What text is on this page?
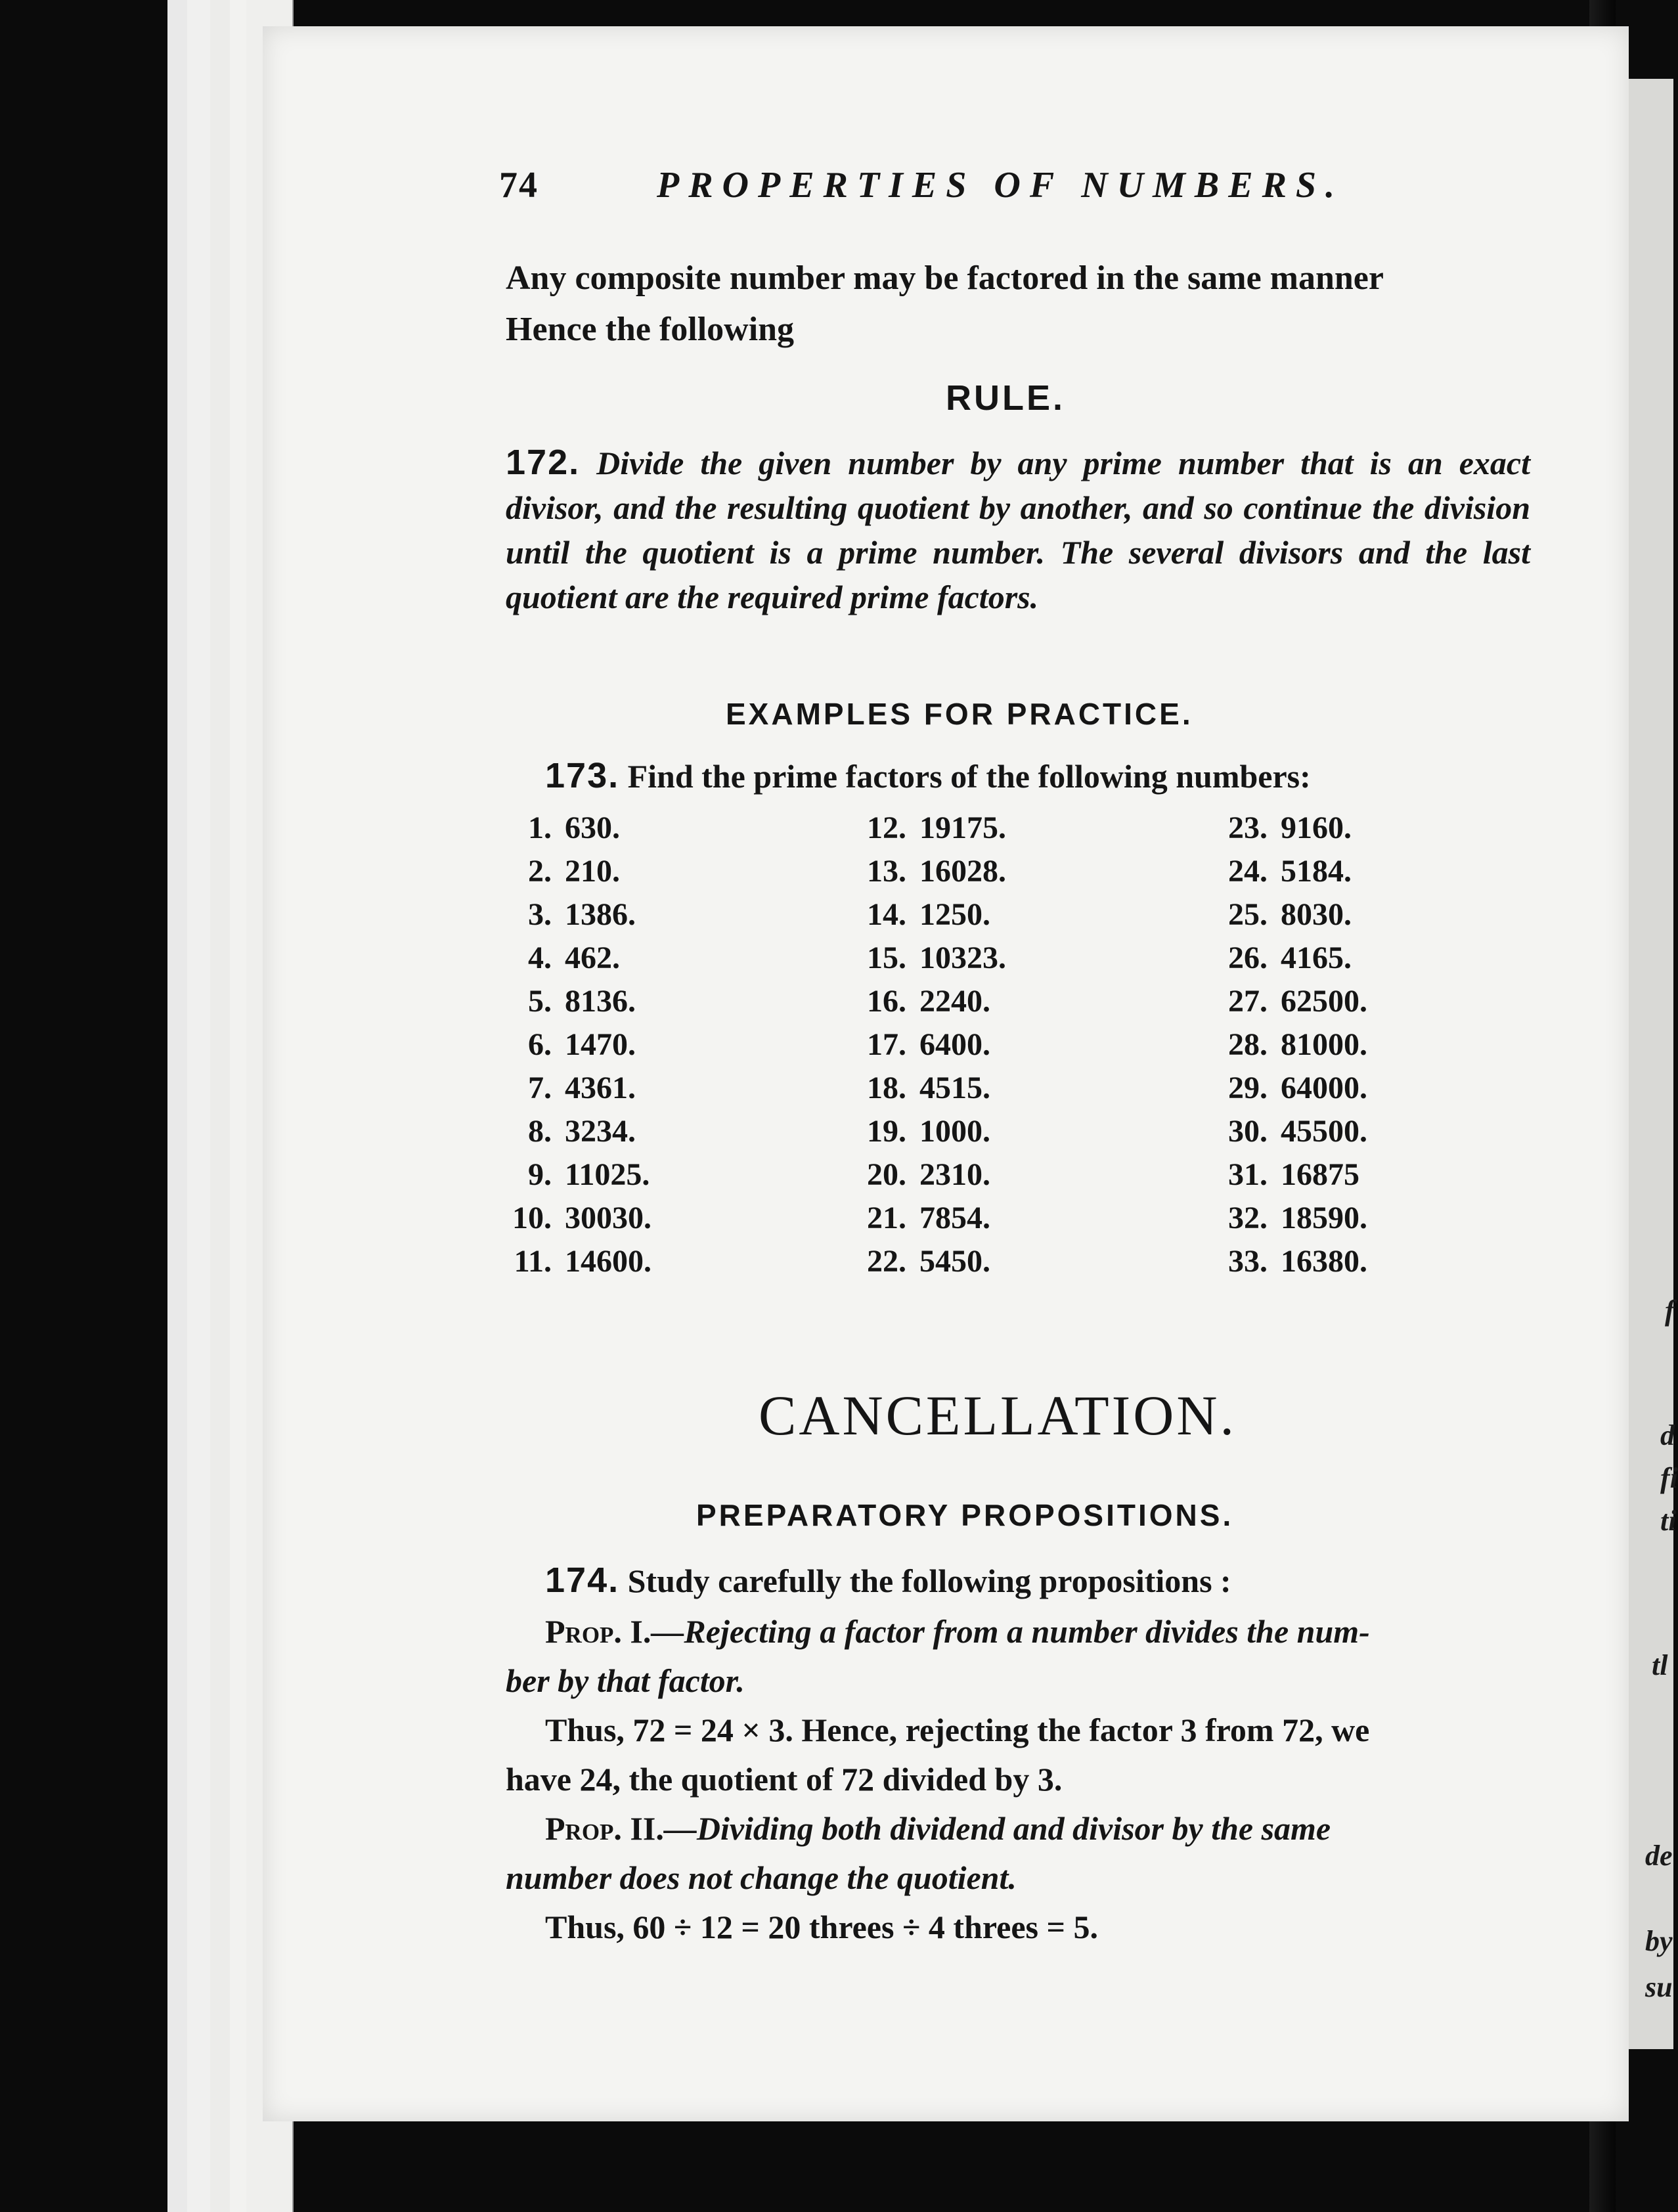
f
d
fi
ti
tl
de
by
su
74	PROPERTIES OF NUMBERS.
Any composite number may be factored in the same manner
Hence the following
RULE.
172. Divide the given number by any prime number that is an exact divisor, and the resulting quotient by another, and so continue the division until the quotient is a prime number. The several divisors and the last quotient are the required prime factors.
EXAMPLES FOR PRACTICE.
173. Find the prime factors of the following numbers:
1. 630.
2. 210.
3. 1386.
4. 462.
5. 8136.
6. 1470.
7. 4361.
8. 3234.
9. 11025.
10. 30030.
11. 14600.
12. 19175.
13. 16028.
14. 1250.
15. 10323.
16. 2240.
17. 6400.
18. 4515.
19. 1000.
20. 2310.
21. 7854.
22. 5450.
23. 9160.
24. 5184.
25. 8030.
26. 4165.
27. 62500.
28. 81000.
29. 64000.
30. 45500.
31. 16875
32. 18590.
33. 16380.
CANCELLATION.
PREPARATORY PROPOSITIONS.
174. Study carefully the following propositions :
Prop. I.—Rejecting a factor from a number divides the num-
ber by that factor.
Thus, 72 = 24 × 3. Hence, rejecting the factor 3 from 72, we
have 24, the quotient of 72 divided by 3.
Prop. II.—Dividing both dividend and divisor by the same
number does not change the quotient.
Thus, 60 ÷ 12 = 20 threes ÷ 4 threes = 5.
